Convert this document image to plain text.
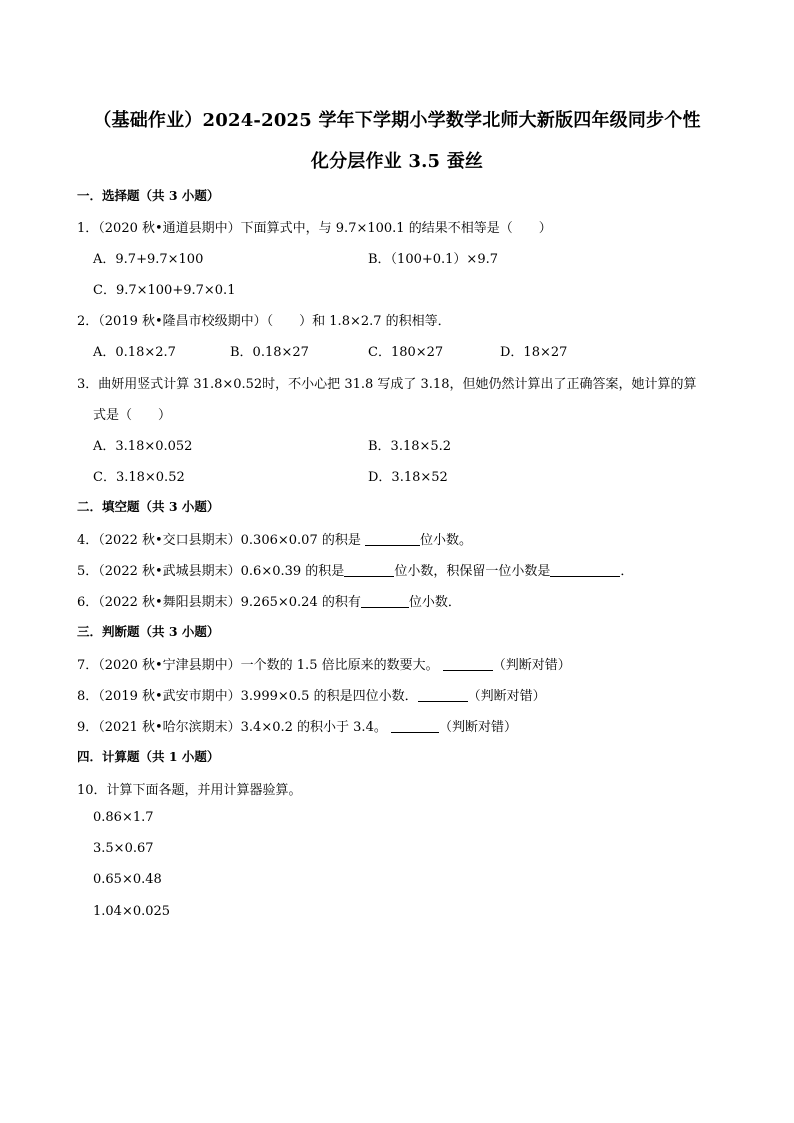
（基础作业）2024-2025 学年下学期小学数学北师大新版四年级同步个性
化分层作业 3.5 蚕丝
一．选择题（共 3 小题）
1．（2020 秋•通道县期中）下面算式中，与 9.7×100.1 的结果不相等是（　　）
A．9.7+9.7×100	B．（100+0.1）×9.7
C．9.7×100+9.7×0.1
2．（2019 秋•隆昌市校级期中）（　　）和 1.8×2.7 的积相等．
A．0.18×2.7	B．0.18×27	C．180×27	D．18×27
3．曲妍用竖式计算 31.8×0.52时，不小心把 31.8 写成了 3.18，但她仍然计算出了正确答案，她计算的算
式是（　　）
A．3.18×0.052	B．3.18×5.2
C．3.18×0.52	D．3.18×52
二．填空题（共 3 小题）
4．（2022 秋•交口县期末）0.306×0.07 的积是	位小数。
5．（2022 秋•武城县期末）0.6×0.39 的积是	位小数，积保留一位小数是	．
6．（2022 秋•舞阳县期末）9.265×0.24 的积有	位小数．
三．判断题（共 3 小题）
7．（2020 秋•宁津县期中）一个数的 1.5 倍比原来的数要大。	（判断对错）
8．（2019 秋•武安市期中）3.999×0.5 的积是四位小数．	（判断对错）
9．（2021 秋•哈尔滨期末）3.4×0.2 的积小于 3.4。	（判断对错）
四．计算题（共 1 小题）
10．计算下面各题，并用计算器验算。
0.86×1.7
3.5×0.67
0.65×0.48
1.04×0.025
